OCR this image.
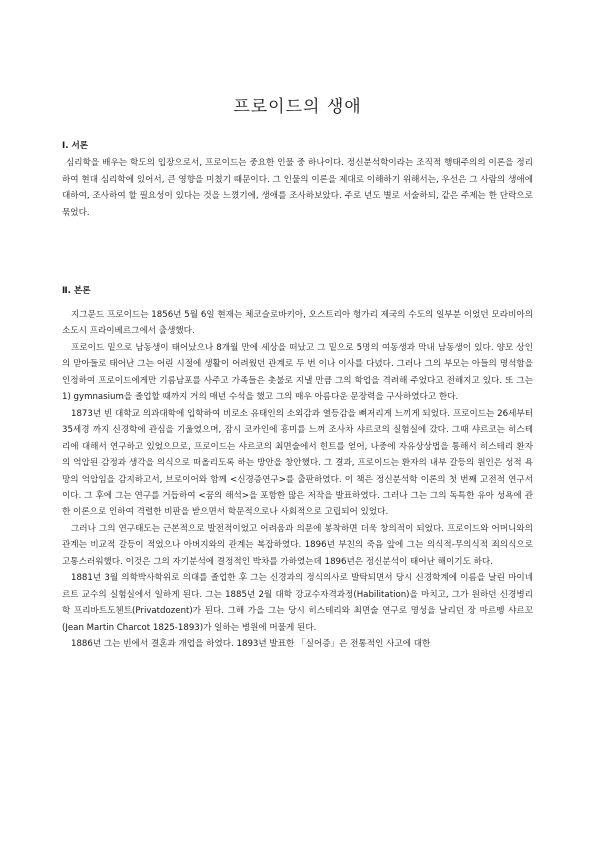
프로이드의 생애
Ⅰ. 서론

심리학을 배우는 학도의 입장으로서, 프로이드는 중요한 인물 중 하나이다. 정신분석학이라는 조직적 행태주의의 이론을 정리하여 현대 심리학에 있어서, 큰 영향을 미쳤기 때문이다. 그 인물의 이론을 제대로 이해하기 위해서는, 우선은 그 사람의 생애에 대하여, 조사하여 할 필요성이 있다는 것을 느꼈기에, 생애를 조사하보았다. 주로 년도 별로 서술하되, 같은 주제는 한 단락으로 묶었다.

Ⅱ. 본론

지그문드 프로이드는 1856년 5월 6일 현재는 체코슬로바키아, 오스트리아 헝가리 제국의 수도의 일부분 이었던 모라비아의 소도시 프라이베르그에서 출생했다.

프로이드 밑으로 남동생이 태어났으나 8개월 만에 세상을 떠났고 그 밑으로 5명의 여동생과 막내 남동생이 있다. 양모 상인의 맏아들로 태어난 그는 어린 시절에 생활이 어려웠던 관계로 두 번 이나 이사를 다녔다. 그러나 그의 부모는 아들의 명석함을 인정하여 프로이드에게만 기름남포를 사주고 가족들은 촛불로 지낼 만큼 그의 학업을 격려해 주었다고 전해지고 있다. 또 그는 1) gymnasium을 졸업할 때까지 거의 매년 수석을 했고 그의 매우 아름다운 문장력을 구사하였다고 한다.

1873년 빈 대학교 의과대학에 입학하여 비로소 유태인의 소외감과 열등감을 뼈저리게 느끼게 되었다. 프로이드는 26세부터 35세경 까지 신경학에 관심을 기울였으며, 잠시 코카인에 흥미를 느껴 조사차 샤르코의 실험실에 갔다. 그때 샤르코는 히스테리에 대해서 연구하고 있었으므로, 프로이드는 샤르코의 최면술에서 힌트를 얻어, 나중에 자유상상법을 통해서 히스테리 환자의 억압된 감정과 생각을 의식으로 떠올리도록 하는 방안을 창안했다. 그 결과, 프로이드는 환자의 내부 갈등의 원인은 성적 욕망의 억압임을 감지하고서, 브로이어와 함께 <신경증연구>를 출판하였다. 이 책은 정신분석학 이론의 첫 번째 고전적 연구서이다. 그 후에 그는 연구를 거듭하여 <꿈의 해석>을 포함한 많은 저작을 발표하였다. 그러나 그는 그의 독특한 유아 성욕에 관한 이론으로 인하여 격렬한 비판을 받으면서 학문적으로나 사회적으로 고립되어 있었다.

그러나 그의 연구태도는 근본적으로 발전적이었고 어려움과 의문에 봉착하면 더욱 창의적이 되었다. 프로이드와 어머니와의 관계는 비교적 갈등이 적었으나 아버지와의 관계는 복잡하였다. 1896년 부친의 죽음 앞에 그는 의식적-무의식적 죄의식으로 고통스러워했다. 이것은 그의 자기분석에 결정적인 박차를 가하였는데 1896년은 정신분석이 태어난 해이기도 하다.

1881년 3월 의학박사학위로 의대를 졸업한 후 그는 신경과의 정식의사로 발탁되면서 당시 신경학계에 이름을 날린 마이네르트 교수의 실험실에서 일하게 된다. 그는 1885년 2월 대학 강교수자격과정(Habilitation)을 마치고, 그가 원하던 신경병리학 프리바트도첸트(Privatdozent)가 된다. 그해 가을 그는 당시 히스테리와 최면술 연구로 명성을 날리던 장 마르뗑 샤르꼬(Jean Martin Charcot 1825-1893)가 일하는 병원에 머물게 된다.

1886년 그는 빈에서 결혼과 개업을 하였다. 1893년 발표한 「실어증」은 전통적인 사고에 대한
